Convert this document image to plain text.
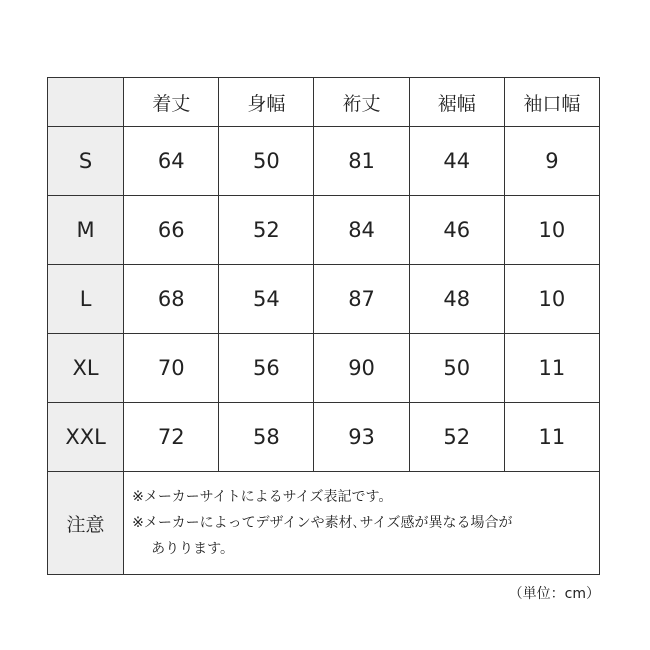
	着丈	身幅	裄丈	裾幅	袖口幅
S	64	50	81	44	9
M	66	52	84	46	10
L	68	54	87	48	10
XL	70	56	90	50	11
XXL	72	58	93	52	11
注意	※メーカーサイトによるサイズ表記です。
※メーカーによってデザインや素材､サイズ感が異なる場合が
ありります。				
（単位：cm）
